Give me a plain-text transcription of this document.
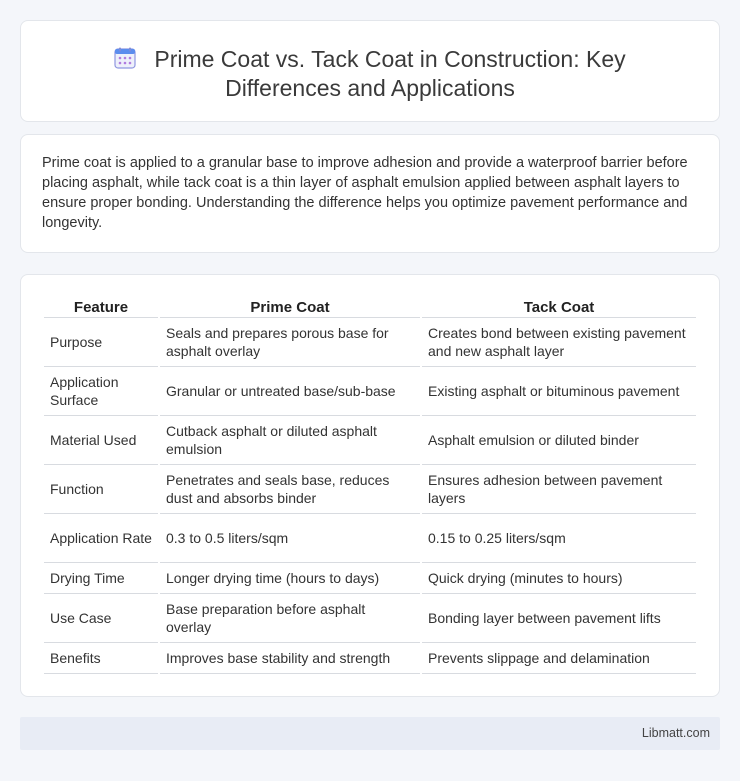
Prime Coat vs. Tack Coat in Construction: Key
Differences and Applications

Prime coat is applied to a granular base to improve adhesion and provide a waterproof barrier before placing asphalt, while tack coat is a thin layer of asphalt emulsion applied between asphalt layers to ensure proper bonding. Understanding the difference helps you optimize pavement performance and longevity.

Feature	Prime Coat	Tack Coat
Purpose	Seals and prepares porous base for asphalt overlay	Creates bond between existing pavement and new asphalt layer
Application Surface	Granular or untreated base/sub-base	Existing asphalt or bituminous pavement
Material Used	Cutback asphalt or diluted asphalt emulsion	Asphalt emulsion or diluted binder
Function	Penetrates and seals base, reduces dust and absorbs binder	Ensures adhesion between pavement layers
Application Rate	0.3 to 0.5 liters/sqm	0.15 to 0.25 liters/sqm
Drying Time	Longer drying time (hours to days)	Quick drying (minutes to hours)
Use Case	Base preparation before asphalt overlay	Bonding layer between pavement lifts
Benefits	Improves base stability and strength	Prevents slippage and delamination
Libmatt.com
